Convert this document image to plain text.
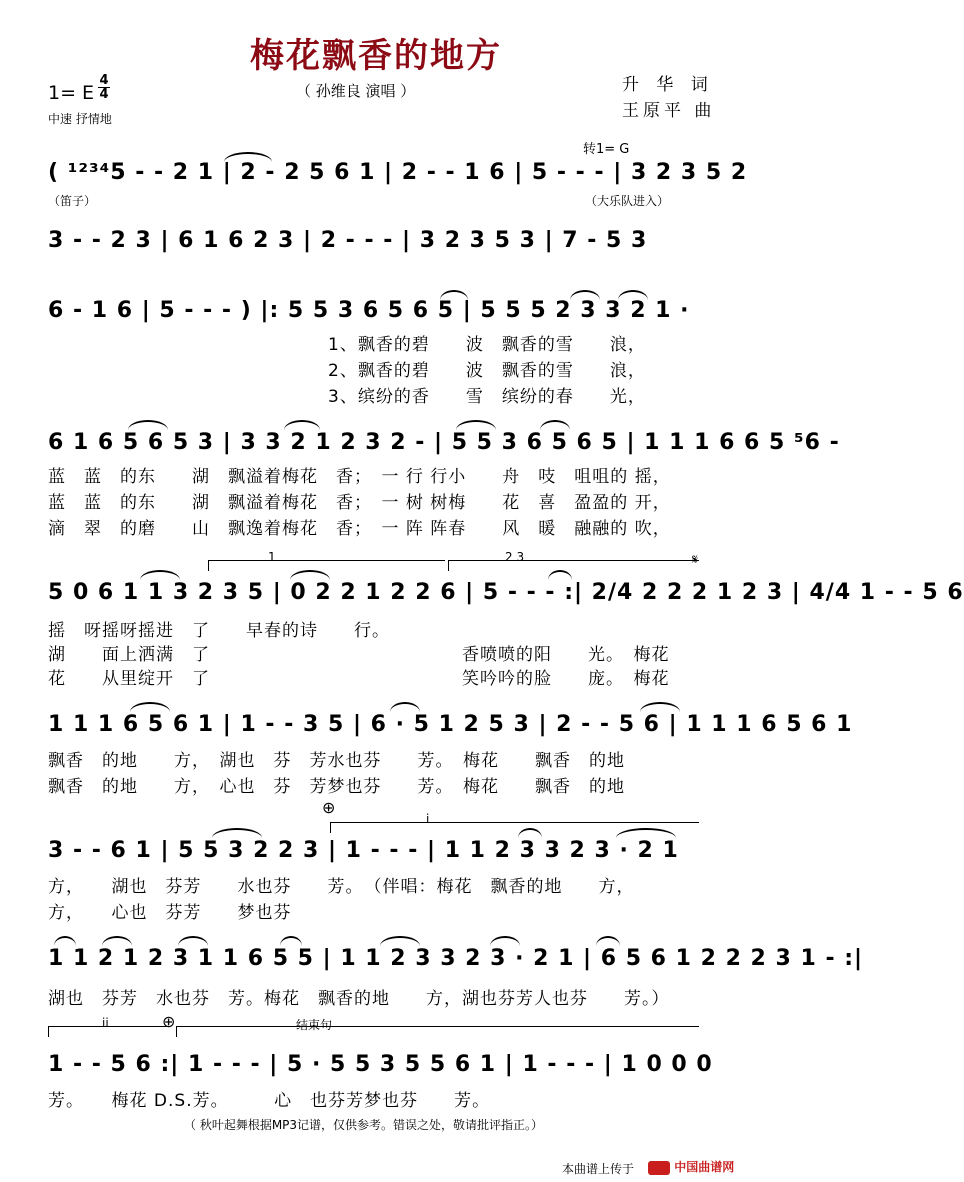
梅花飘香的地方
（ 孙维良 演唱 ）
1= E $\frac{4}{4}$
中速 抒情地
升 华 词
王原平 曲
转1= G
( ¹²³⁴5 - - 2 1 | 2 - 2 5 6 1 | 2 - - 1 6 | 5 - - - | 3 2 3 5 2
（笛子）	（大乐队进入）
3 - - 2 3 | 6 1 6 2 3 | 2 - - - | 3 2 3 5 3 | 7 - 5 3
6 - 1 6 | 5 - - - ) |: 5 5 3 6 5 6 5 | 5 5 5 2 3 3 2 1 ·
1、飘香的碧　　波　飘香的雪　　浪，
2、飘香的碧　　波　飘香的雪　　浪，
3、缤纷的香　　雪　缤纷的春　　光，
6 1 6 5 6 5 3 | 3 3 2 1 2 3 2 - | 5 5 3 6 5 6 5 | 1 1 1 6 6 5 ⁵6 -
蓝　蓝　的东　　湖　飘溢着梅花　香；　一 行 行小　　舟　吱　咀咀的 摇，
蓝　蓝　的东　　湖　飘溢着梅花　香；　一 树 树梅　　花　喜　盈盈的 开，
滴　翠　的磨　　山　飘逸着梅花　香；　一 阵 阵春　　风　暖　融融的 吹，
1	2 3	𝄋
5 0 6 1 1 3 2 3 5 | 0 2 2 1 2 2 6 | 5 - - - :| 2/4 2 2 2 1 2 3 | 4/4 1 - - 5 6
摇　呀摇呀摇进　了　　早春的诗　　行。
湖　　面上洒满　了　　　　　　　　　　　　　　香喷喷的阳　　光。　梅花
花　　从里绽开　了　　　　　　　　　　　　　　笑吟吟的脸　　庞。　梅花
1 1 1 6 5 6 1 | 1 - - 3 5 | 6 · 5 1 2 5 3 | 2 - - 5 6 | 1 1 1 6 5 6 1
飘香　的地　　方，　湖也　芬　芳水也芬　　芳。　梅花　　飘香　的地
飘香　的地　　方，　心也　芬　芳梦也芬　　芳。　梅花　　飘香　的地
⊕
i
3 - - 6 1 | 5 5 3 2 2 3 | 1 - - - | 1 1 2 3 3 2 3 · 2 1
方，　　湖也　芬芳　　水也芬　　芳。　（伴唱：梅花　飘香的地　　方，
方，　　心也　芬芳　　梦也芬
1 1 2 1 2 3 1 1 6 5 5 | 1 1 2 3 3 2 3 · 2 1 | 6 5 6 1 2 2 2 3 1 - :|
湖也　芬芳　水也芬　芳。梅花　飘香的地　　方，湖也芬芳人也芬　　芳。）
ii	⊕	结束句
1 - - 5 6 :| 1 - - - | 5 · 5 5 3 5 5 6 1 | 1 - - - | 1 0 0 0
芳。　　梅花 D.S.芳。　　　心　也芬芳梦也芬　　芳。
（ 秋叶起舞根据MP3记谱，仅供参考。错误之处，敬请批评指正。）
本曲谱上传于	中国曲谱网
